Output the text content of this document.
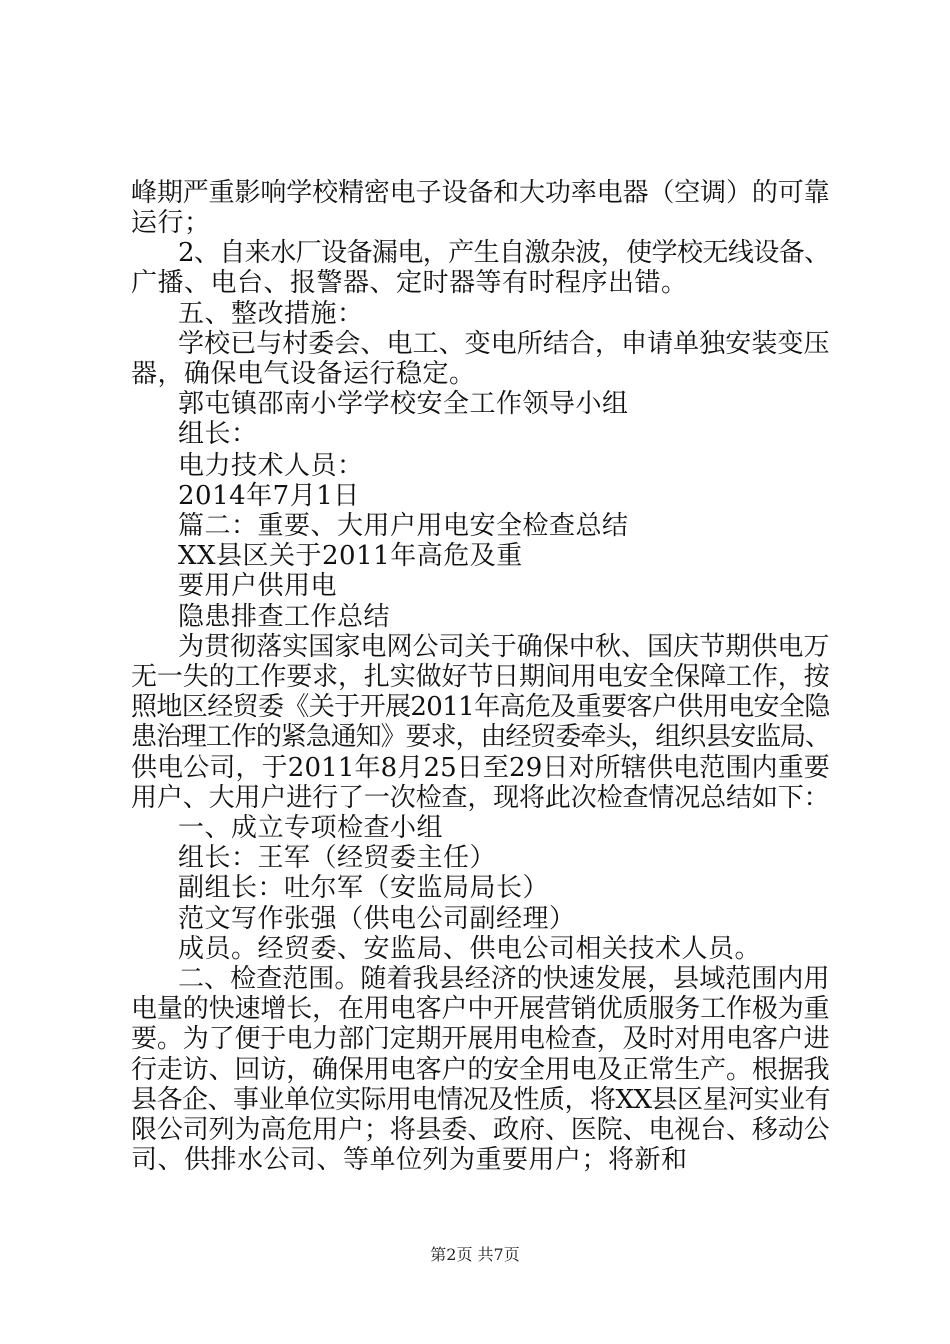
峰期严重影响学校精密电子设备和大功率电器（空调）的可靠
运行；
2、自来水厂设备漏电，产生自激杂波，使学校无线设备、
广播、电台、报警器、定时器等有时程序出错。
五、整改措施：
学校已与村委会、电工、变电所结合，申请单独安装变压
器，确保电气设备运行稳定。
郭屯镇邵南小学学校安全工作领导小组
组长：
电力技术人员：
2014年7月1日
篇二：重要、大用户用电安全检查总结
XX县区关于2011年高危及重
要用户供用电
隐患排查工作总结
为贯彻落实国家电网公司关于确保中秋、国庆节期供电万
无一失的工作要求，扎实做好节日期间用电安全保障工作，按
照地区经贸委《关于开展2011年高危及重要客户供用电安全隐
患治理工作的紧急通知》要求，由经贸委牵头，组织县安监局、
供电公司，于2011年8月25日至29日对所辖供电范围内重要
用户、大用户进行了一次检查，现将此次检查情况总结如下：
一、成立专项检查小组
组长：王军（经贸委主任）
副组长：吐尔军（安监局局长）
范文写作张强（供电公司副经理）
成员。经贸委、安监局、供电公司相关技术人员。
二、检查范围。随着我县经济的快速发展，县域范围内用
电量的快速增长，在用电客户中开展营销优质服务工作极为重
要。为了便于电力部门定期开展用电检查，及时对用电客户进
行走访、回访，确保用电客户的安全用电及正常生产。根据我
县各企、事业单位实际用电情况及性质，将XX县区星河实业有
限公司列为高危用户；将县委、政府、医院、电视台、移动公
司、供排水公司、等单位列为重要用户；将新和
第2页 共7页
